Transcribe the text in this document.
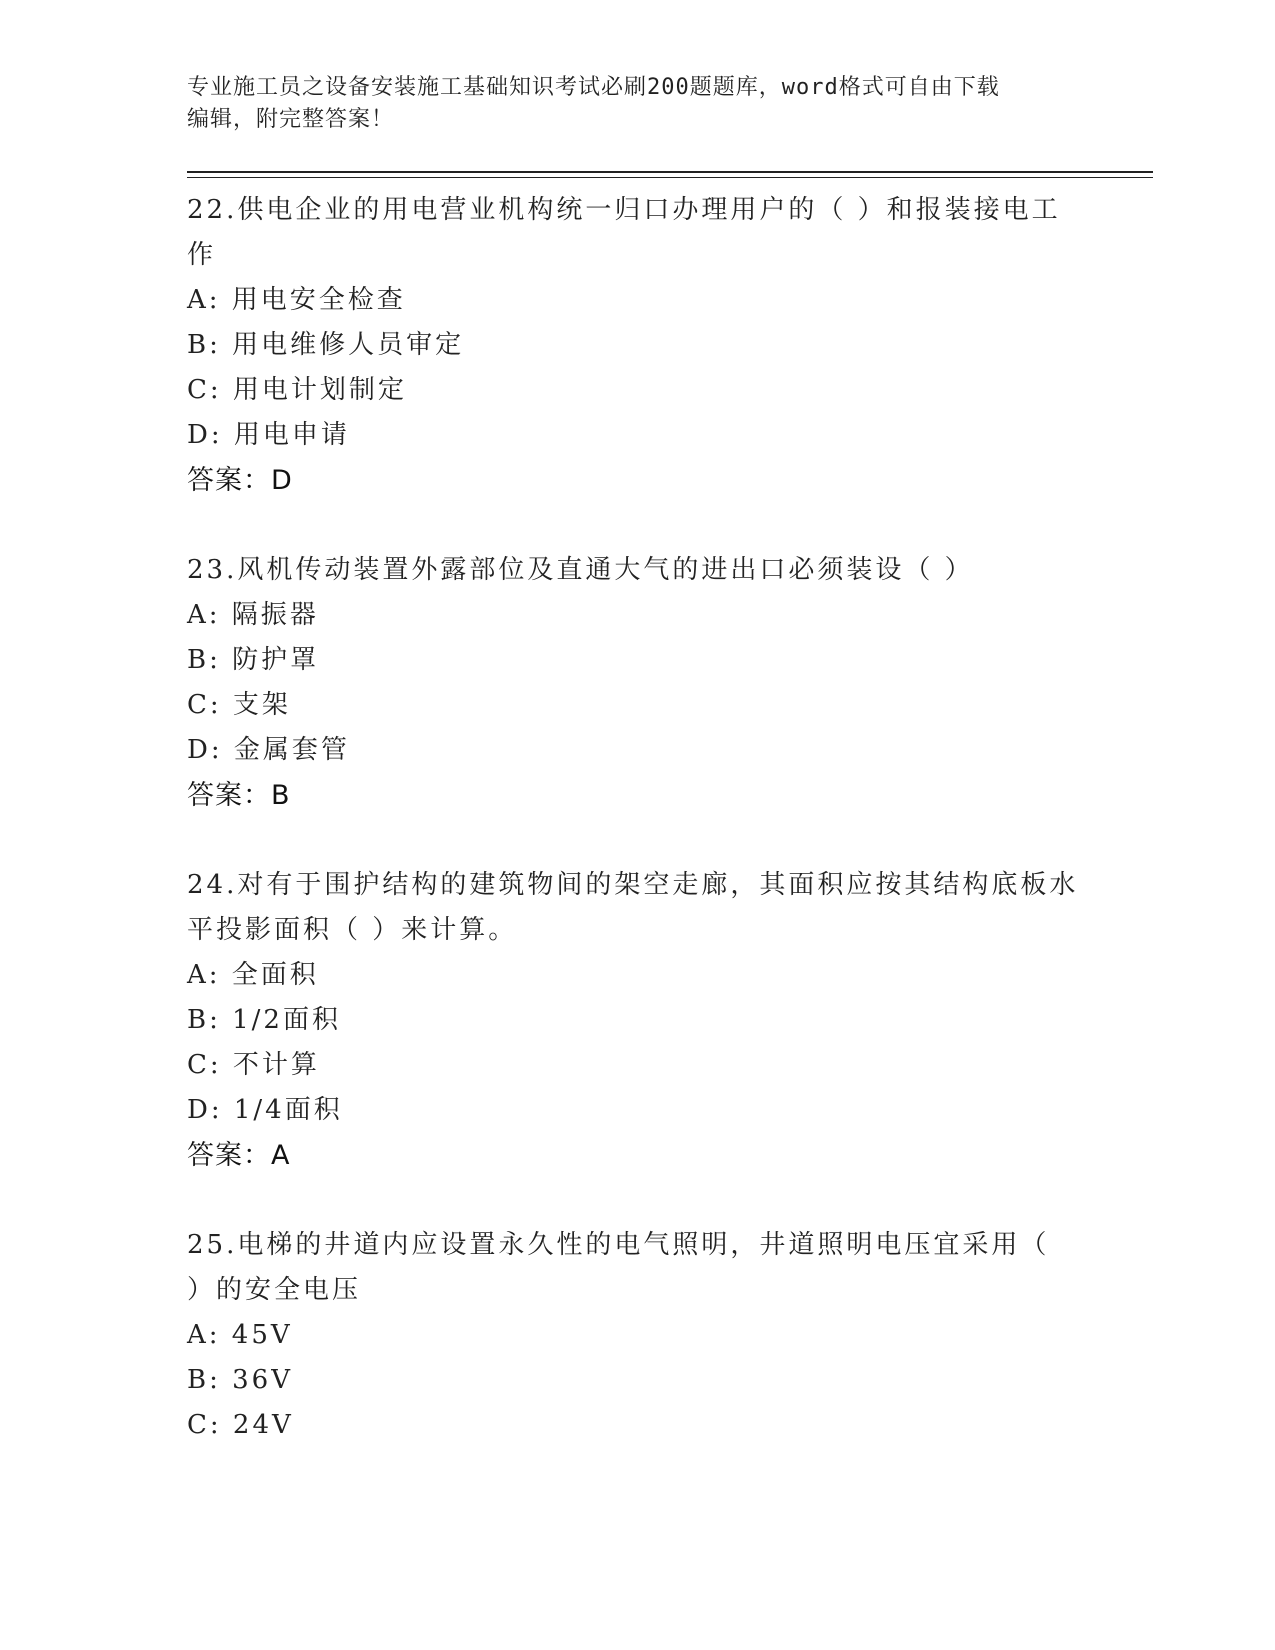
专业施工员之设备安装施工基础知识考试必刷200题题库，word格式可自由下载
编辑，附完整答案！
22.供电企业的用电营业机构统一归口办理用户的（ ）和报装接电工
作
A: 用电安全检查
B: 用电维修人员审定
C: 用电计划制定
D: 用电申请
答案：D
23.风机传动装置外露部位及直通大气的进出口必须装设（ ）
A: 隔振器
B: 防护罩
C: 支架
D: 金属套管
答案：B
24.对有于围护结构的建筑物间的架空走廊，其面积应按其结构底板水
平投影面积（ ）来计算。
A: 全面积
B: 1/2面积
C: 不计算
D: 1/4面积
答案：A
25.电梯的井道内应设置永久性的电气照明，井道照明电压宜采用（
）的安全电压
A: 45V
B: 36V
C: 24V
